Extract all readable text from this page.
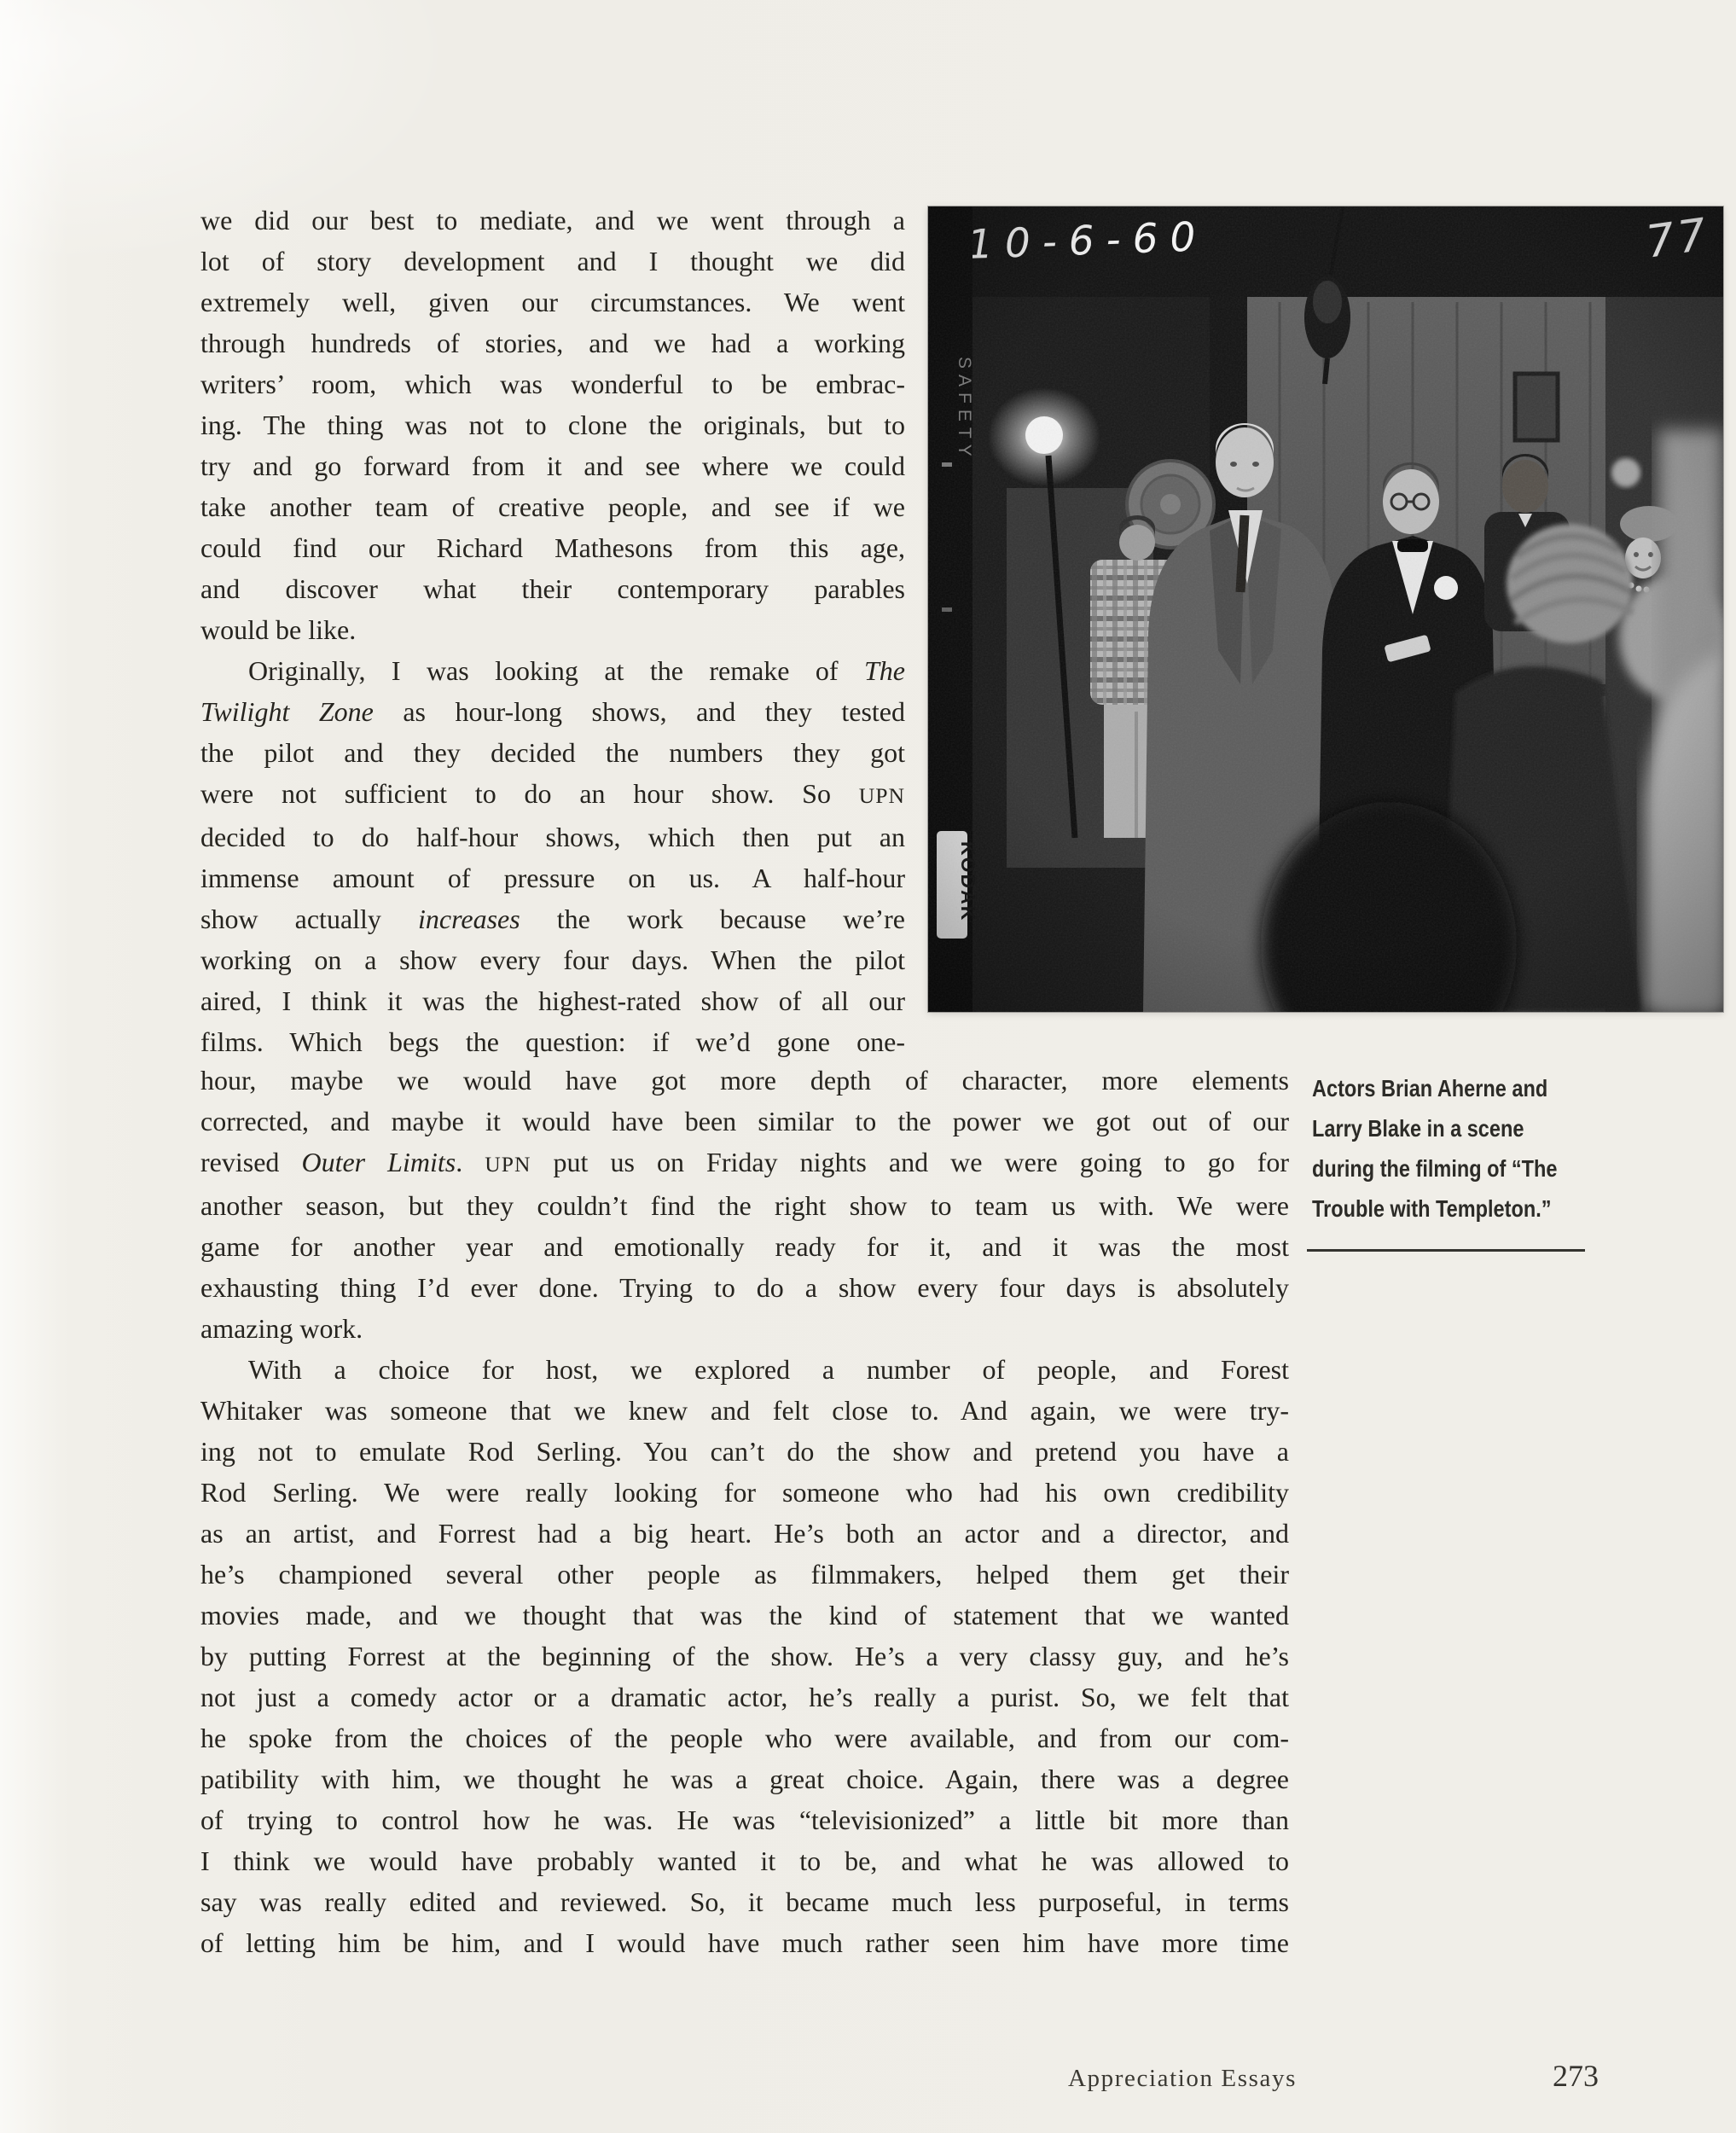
we did our best to mediate, and we went through a
lot of story development and I thought we did
extremely well, given our circumstances. We went
through hundreds of stories, and we had a working
writers’ room, which was wonderful to be embrac-
ing. The thing was not to clone the originals, but to
try and go forward from it and see where we could
take another team of creative people, and see if we
could find our Richard Mathesons from this age,
and discover what their contemporary parables
would be like.
Originally, I was looking at the remake of The
Twilight Zone as hour-long shows, and they tested
the pilot and they decided the numbers they got
were not sufficient to do an hour show. So UPN
decided to do half-hour shows, which then put an
immense amount of pressure on us. A half-hour
show actually increases the work because we’re
working on a show every four days. When the pilot
aired, I think it was the highest-rated show of all our
films. Which begs the question: if we’d gone one-
hour, maybe we would have got more depth of character, more elements
corrected, and maybe it would have been similar to the power we got out of our
revised Outer Limits. UPN put us on Friday nights and we were going to go for
another season, but they couldn’t find the right show to team us with. We were
game for another year and emotionally ready for it, and it was the most
exhausting thing I’d ever done. Trying to do a show every four days is absolutely
amazing work.
With a choice for host, we explored a number of people, and Forest
Whitaker was someone that we knew and felt close to. And again, we were try-
ing not to emulate Rod Serling. You can’t do the show and pretend you have a
Rod Serling. We were really looking for someone who had his own credibility
as an artist, and Forrest had a big heart. He’s both an actor and a director, and
he’s championed several other people as filmmakers, helped them get their
movies made, and we thought that was the kind of statement that we wanted
by putting Forrest at the beginning of the show. He’s a very classy guy, and he’s
not just a comedy actor or a dramatic actor, he’s really a purist. So, we felt that
he spoke from the choices of the people who were available, and from our com-
patibility with him, we thought he was a great choice. Again, there was a degree
of trying to control how he was. He was “televisionized” a little bit more than
I think we would have probably wanted it to be, and what he was allowed to
say was really edited and reviewed. So, it became much less purposeful, in terms
of letting him be him, and I would have much rather seen him have more time
Actors Brian Aherne and
Larry Blake in a scene
during the filming of “The
Trouble with Templeton.”
Appreciation Essays	273
